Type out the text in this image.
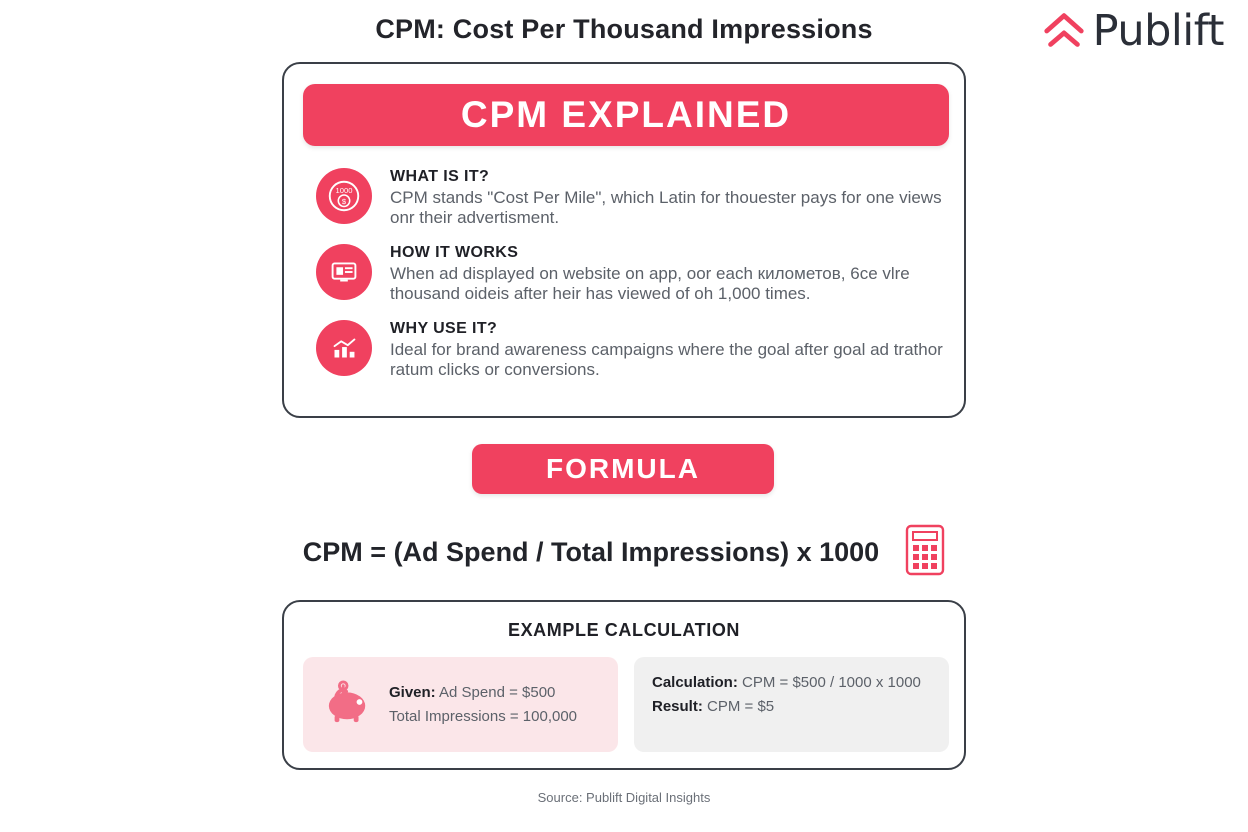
CPM: Cost Per Thousand Impressions	Publift
CPM EXPLAINED
1000
$
WHAT IS IT?
CPM stands "Cost Per Mile", which Latin for thouester pays for one views onr their advertisment.
HOW IT WORKS
When ad displayed on website on app, oor each километов, 6се vlre thousand oidеis after heir has viewed of oh 1,000 times.
WHY USE IT?
Ideal for brand awareness campaigns where the goal after goal ad trathor ratum clicks or conversions.
FORMULA
CPM = (Ad Spend / Total Impressions) x 1000
EXAMPLE CALCULATION
Given: Ad Spend = $500
Total Impressions = 100,000
Calculation: CPM = $500 / 1000 x 1000
Result: CPM = $5
Source: Publift Digital Insights
